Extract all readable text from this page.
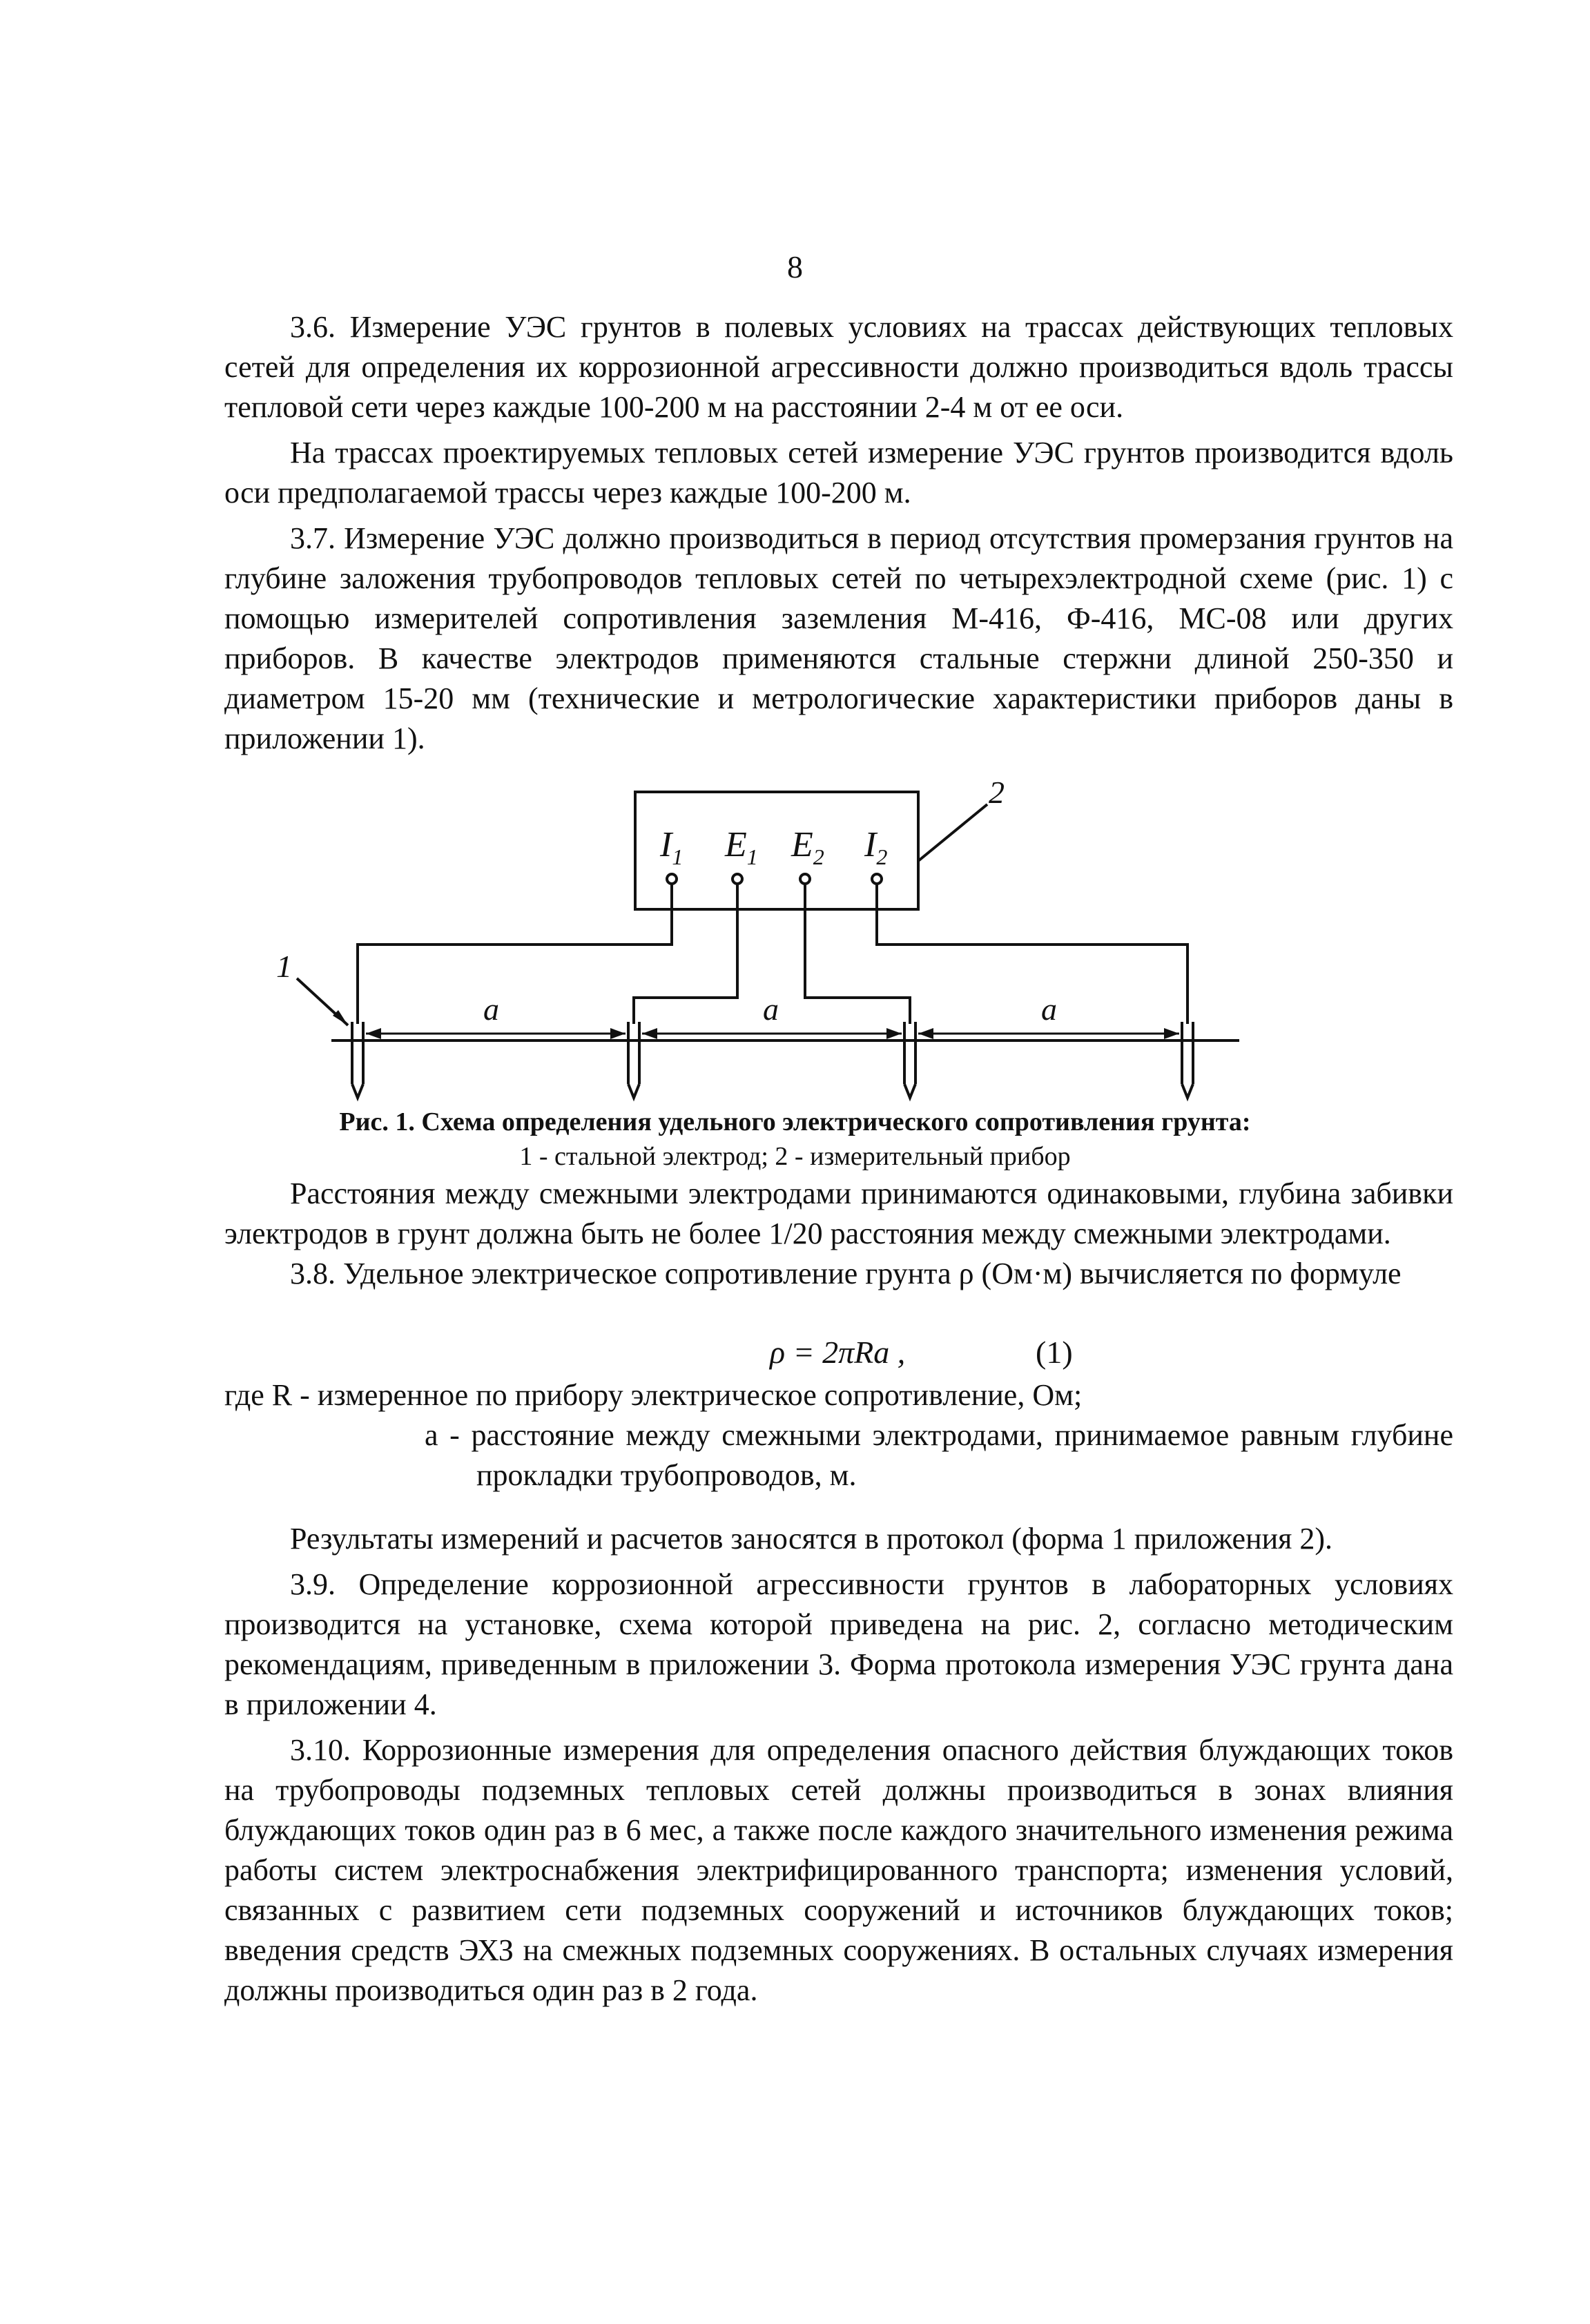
8

3.6. Измерение УЭС грунтов в полевых условиях на трассах действующих тепловых сетей для определения их коррозионной агрессивности должно производиться вдоль трассы тепловой сети через каждые 100-200 м на расстоянии 2-4 м от ее оси.

На трассах проектируемых тепловых сетей измерение УЭС грунтов производится вдоль оси предполагаемой трассы через каждые 100-200 м.

3.7. Измерение УЭС должно производиться в период отсутствия промерзания грунтов на глубине заложения трубопроводов тепловых сетей по четырехэлектродной схеме (рис. 1) с помощью измерителей сопротивления заземления М-416, Ф-416, МС-08 или других приборов. В качестве электродов применяются стальные стержни длиной 250-350 и диаметром 15-20 мм (технические и метрологические характеристики приборов даны в приложении 1).

$I_1$ $E_1$ $E_2$ $I_2$
2
1
a	a	a
Рис. 1. Схема определения удельного электрического сопротивления грунта:
1 - стальной электрод; 2 - измерительный прибор

Расстояния между смежными электродами принимаются одинаковыми, глубина забивки электродов в грунт должна быть не более 1/20 расстояния между смежными электродами.

3.8. Удельное электрическое сопротивление грунта ρ (Ом·м) вычисляется по формуле

ρ = 2πRa ,	(1)

где R - измеренное по прибору электрическое сопротивление, Ом;

a - расстояние между смежными электродами, принимаемое равным глубине прокладки трубопроводов, м.

Результаты измерений и расчетов заносятся в протокол (форма 1 приложения 2).

3.9. Определение коррозионной агрессивности грунтов в лабораторных условиях производится на установке, схема которой приведена на рис. 2, согласно методическим рекомендациям, приведенным в приложении 3. Форма протокола измерения УЭС грунта дана в приложении 4.

3.10. Коррозионные измерения для определения опасного действия блуждающих токов на трубопроводы подземных тепловых сетей должны производиться в зонах влияния блуждающих токов один раз в 6 мес, а также после каждого значительного изменения режима работы систем электроснабжения электрифицированного транспорта; изменения условий, связанных с развитием сети подземных сооружений и источников блуждающих токов; введения средств ЭХЗ на смежных подземных сооружениях. В остальных случаях измерения должны производиться один раз в 2 года.
